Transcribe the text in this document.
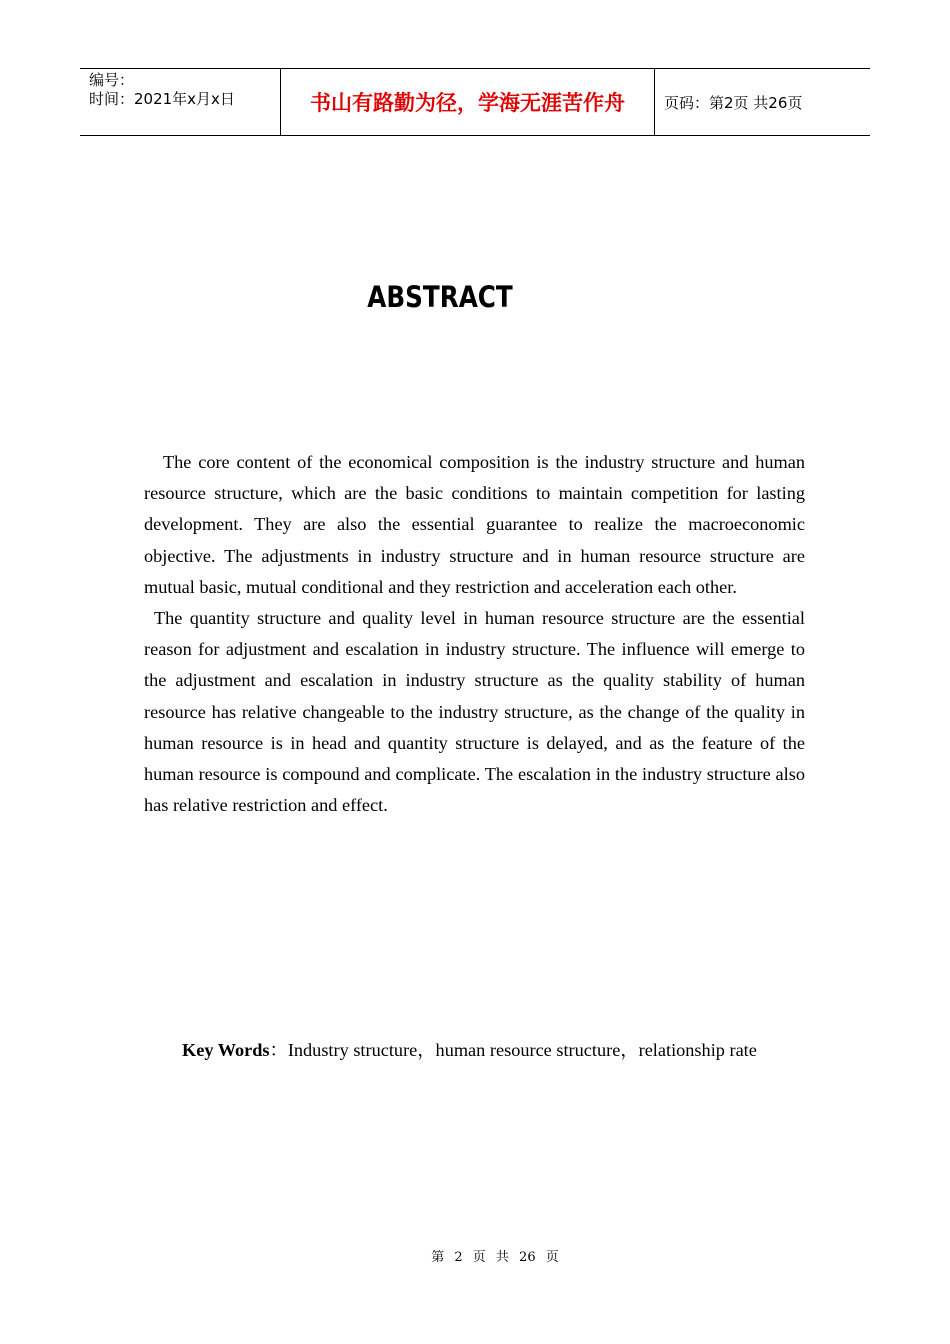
编号：
时间：2021年x月x日	书山有路勤为径，学海无涯苦作舟	页码：第2页 共26页
ABSTRACT

The core content of the economical composition is the industry structure and human resource structure, which are the basic conditions to maintain competition for lasting development. They are also the essential guarantee to realize the macroeconomic objective. The adjustments in industry structure and in human resource structure are mutual basic, mutual conditional and they restriction and acceleration each other.

The quantity structure and quality level in human resource structure are the essential reason for adjustment and escalation in industry structure. The influence will emerge to the adjustment and escalation in industry structure as the quality stability of human resource has relative changeable to the industry structure, as the change of the quality in human resource is in head and quantity structure is delayed, and as the feature of the human resource is compound and complicate. The escalation in the industry structure also has relative restriction and effect.

Key Words：Industry structure，human resource structure，relationship rate
第 2 页 共 26 页
